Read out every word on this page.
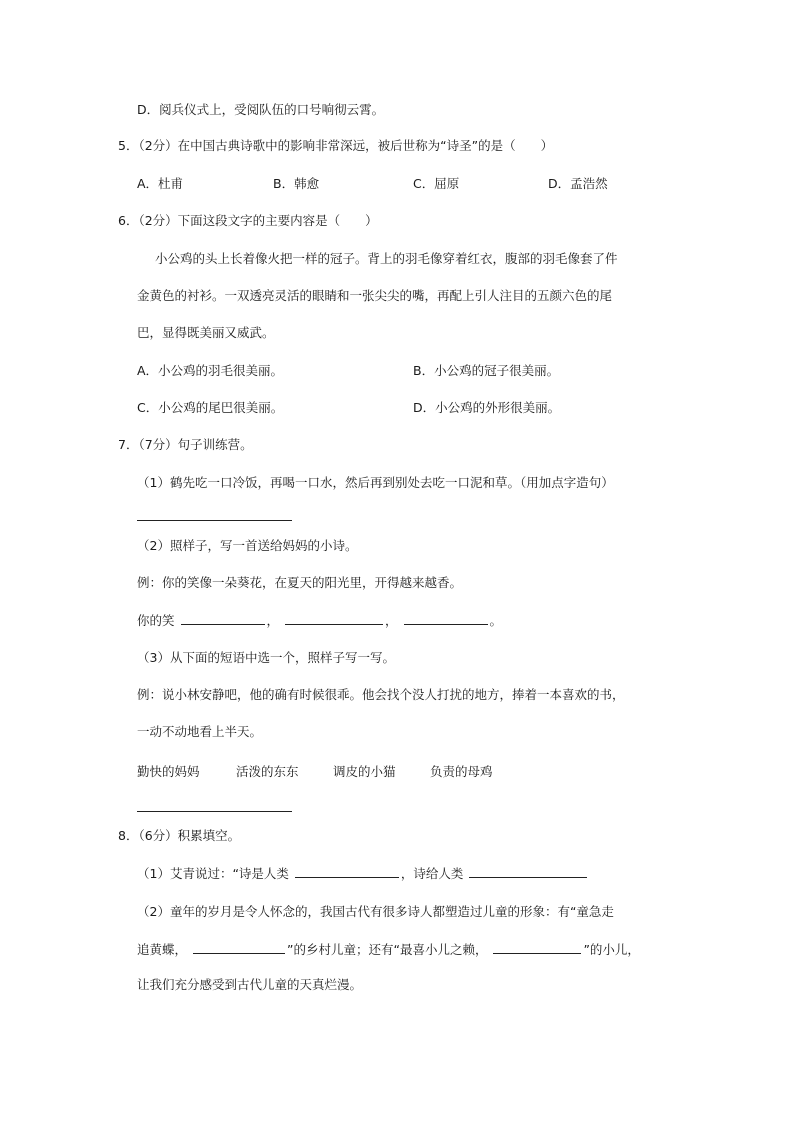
D．阅兵仪式上，受阅队伍的口号响彻云霄。
5．（2分）在中国古典诗歌中的影响非常深远，被后世称为“诗圣”的是（　　）
A．杜甫	B．韩愈	C．屈原	D．孟浩然
6．（2分）下面这段文字的主要内容是（　　）
小公鸡的头上长着像火把一样的冠子。背上的羽毛像穿着红衣，腹部的羽毛像套了件
金黄色的衬衫。一双透亮灵活的眼睛和一张尖尖的嘴，再配上引人注目的五颜六色的尾
巴，显得既美丽又威武。
A．小公鸡的羽毛很美丽。	B．小公鸡的冠子很美丽。
C．小公鸡的尾巴很美丽。	D．小公鸡的外形很美丽。
7．（7分）句子训练营。
（1）鹤先吃一口冷饭，再喝一口水，然后再到别处去吃一口泥和草。（用加点字造句）
（2）照样子，写一首送给妈妈的小诗。
例：你的笑像一朵葵花，在夏天的阳光里，开得越来越香。
你的笑	，	，	。
（3）从下面的短语中选一个，照样子写一写。
例：说小林安静吧，他的确有时候很乖。他会找个没人打扰的地方，捧着一本喜欢的书，
一动不动地看上半天。
勤快的妈妈	活泼的东东	调皮的小猫	负责的母鸡
8．（6分）积累填空。
（1）艾青说过：“诗是人类	，诗给人类
（2）童年的岁月是令人怀念的，我国古代有很多诗人都塑造过儿童的形象：有“童急走
追黄蝶，	”的乡村儿童；还有“最喜小儿之赖，	”的小儿，
让我们充分感受到古代儿童的天真烂漫。
